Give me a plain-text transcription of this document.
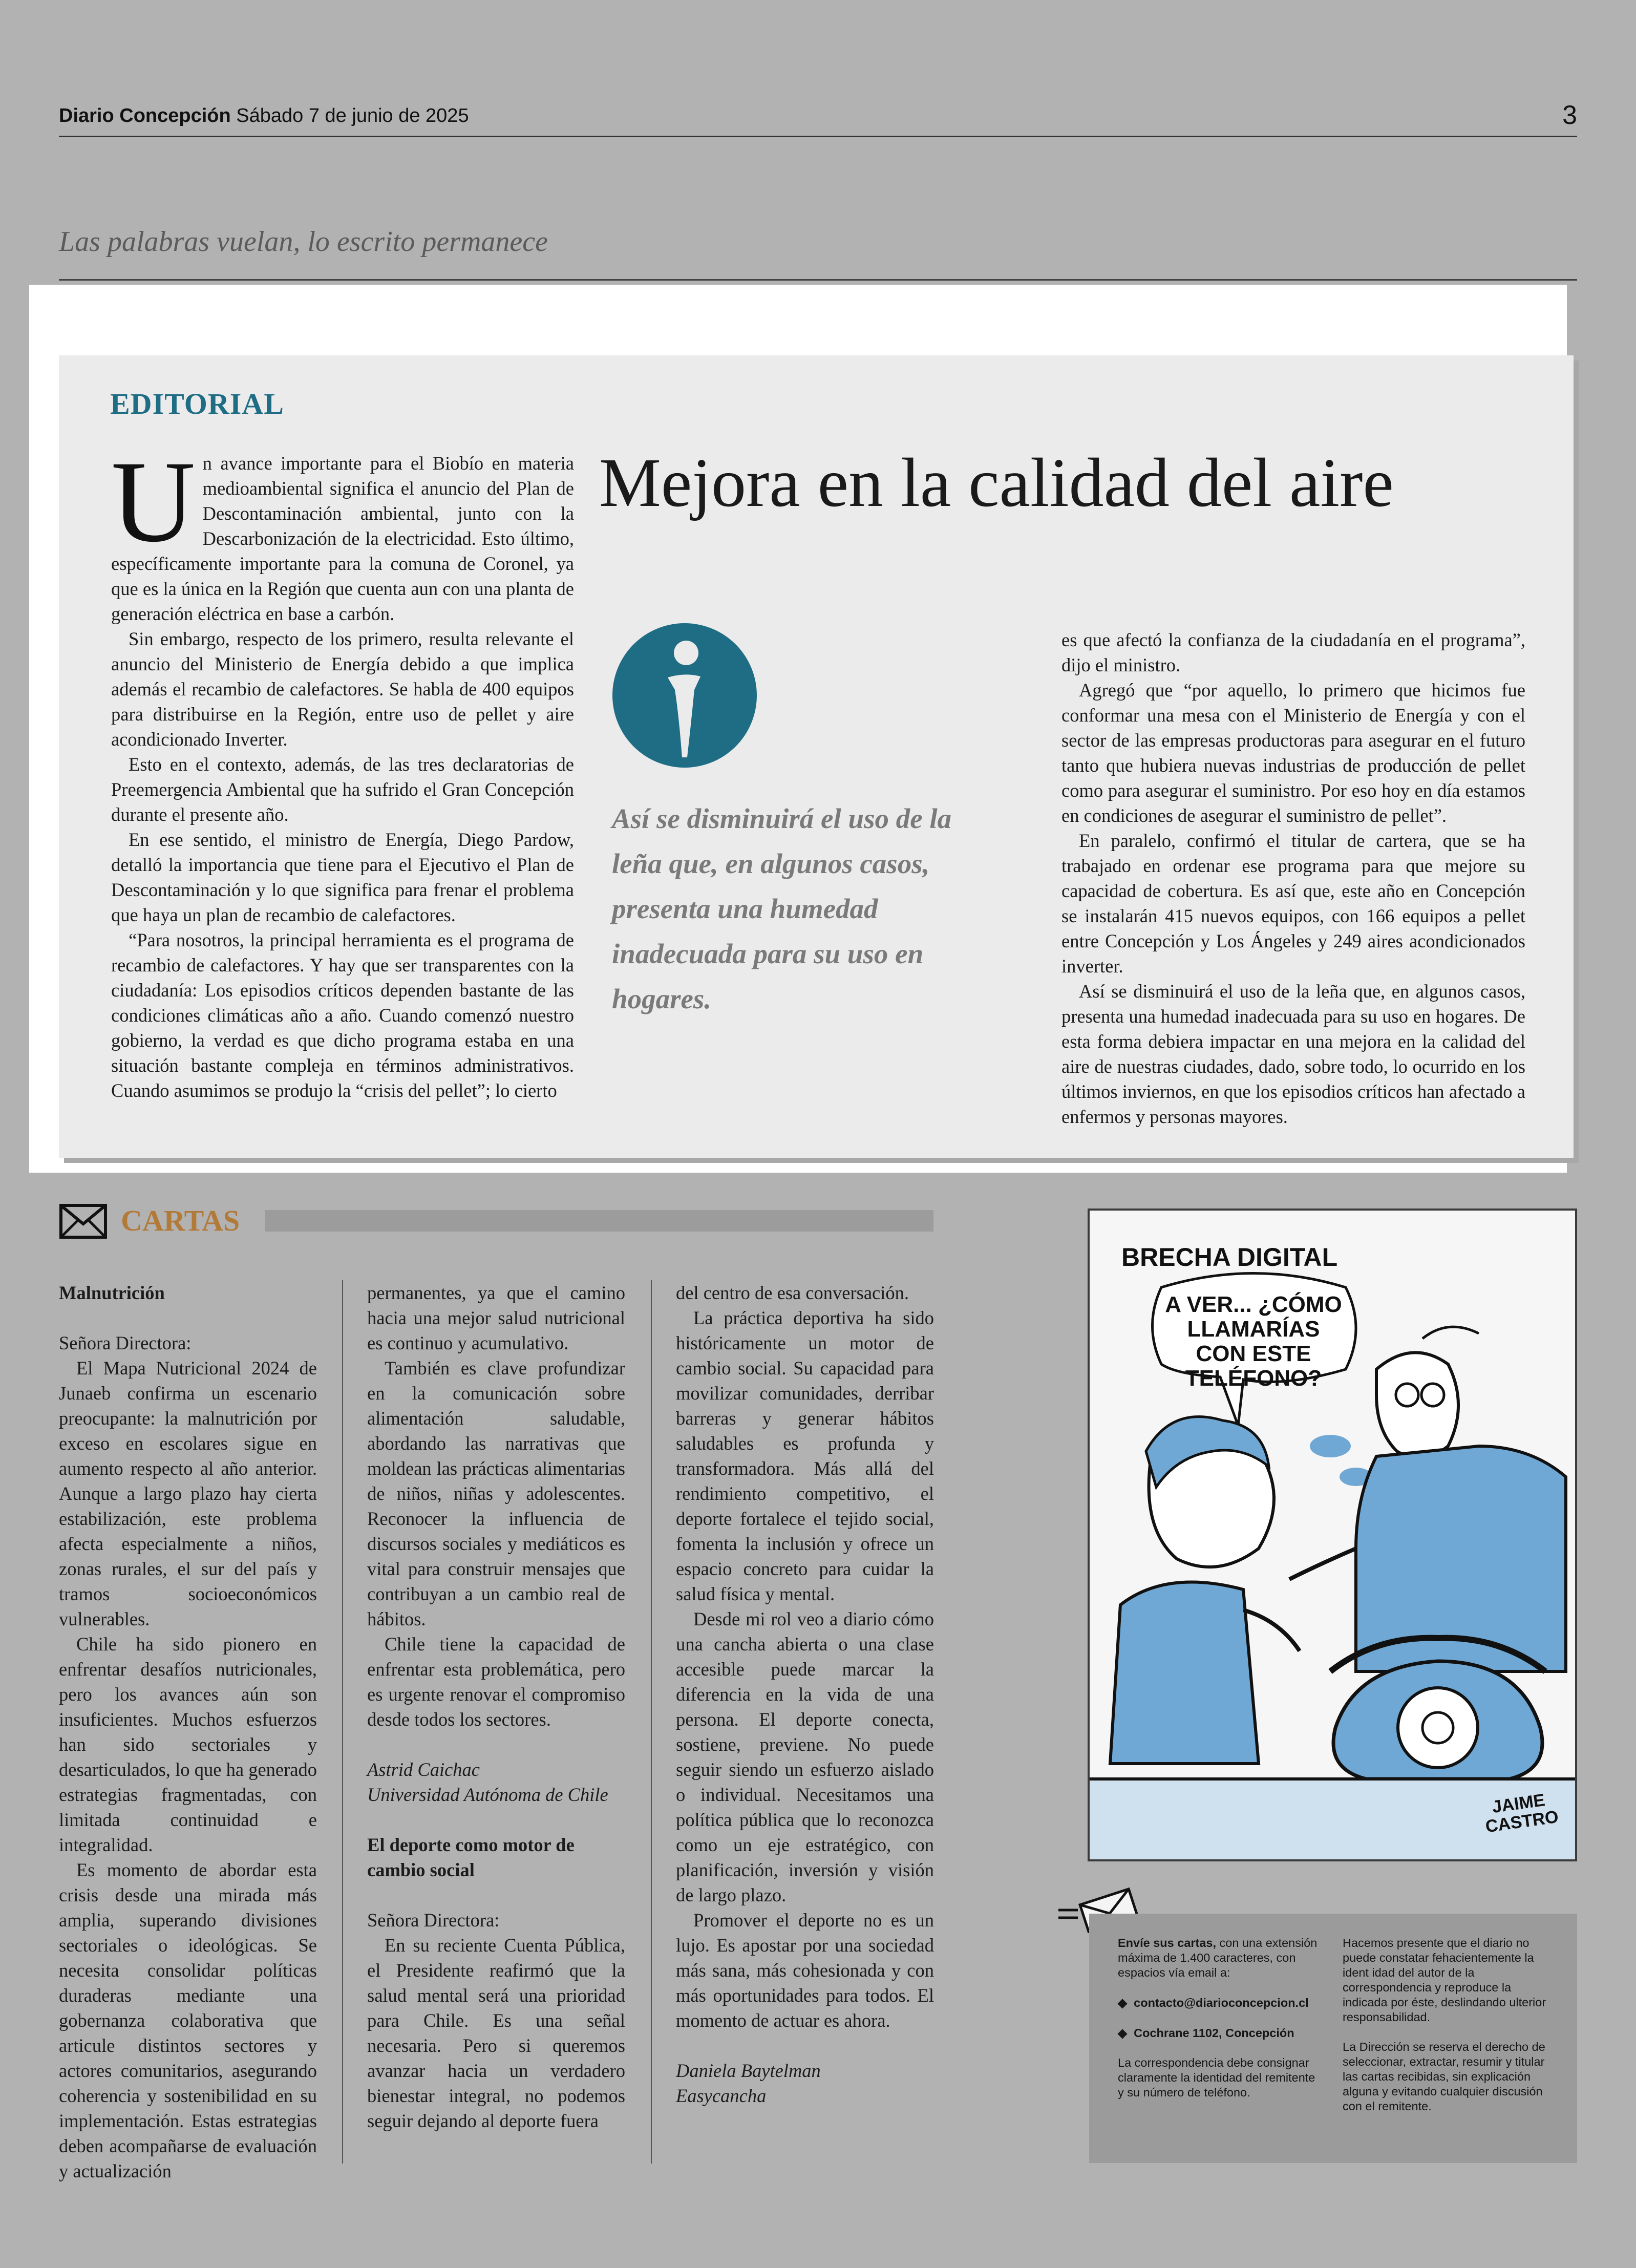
Diario Concepción Sábado 7 de junio de 2025	3
Las palabras vuelan, lo escrito permanece
EDITORIAL
Mejora en la calidad del aire

Un avance importante para el Biobío en materia medioambiental significa el anuncio del Plan de Descontaminación ambiental, junto con la Descarbonización de la electricidad. Esto último, específicamente importante para la comuna de Coronel, ya que es la única en la Región que cuenta aun con una planta de generación eléctrica en base a carbón.

Sin embargo, respecto de los primero, resulta relevante el anuncio del Ministerio de Energía debido a que implica además el recambio de calefactores. Se habla de 400 equipos para distribuirse en la Región, entre uso de pellet y aire acondicionado Inverter.

Esto en el contexto, además, de las tres declaratorias de Preemergencia Ambiental que ha sufrido el Gran Concepción durante el presente año.

En ese sentido, el ministro de Energía, Diego Pardow, detalló la importancia que tiene para el Ejecutivo el Plan de Descontaminación y lo que significa para frenar el problema que haya un plan de recambio de calefactores.

“Para nosotros, la principal herramienta es el programa de recambio de calefactores. Y hay que ser transparentes con la ciudadanía: Los episodios críticos dependen bastante de las condiciones climáticas año a año. Cuando comenzó nuestro gobierno, la verdad es que dicho programa estaba en una situación bastante compleja en términos administrativos. Cuando asumimos se produjo la “crisis del pellet”; lo cierto

Así se disminuirá el uso de la leña que, en algunos casos, presenta una humedad inadecuada para su uso en hogares.

es que afectó la confianza de la ciudadanía en el programa”, dijo el ministro.

Agregó que “por aquello, lo primero que hicimos fue conformar una mesa con el Ministerio de Energía y con el sector de las empresas productoras para asegurar en el futuro tanto que hubiera nuevas industrias de producción de pellet como para asegurar el suministro. Por eso hoy en día estamos en condiciones de asegurar el suministro de pellet”.

En paralelo, confirmó el titular de cartera, que se ha trabajado en ordenar ese programa para que mejore su capacidad de cobertura. Es así que, este año en Concepción se instalarán 415 nuevos equipos, con 166 equipos a pellet entre Concepción y Los Ángeles y 249 aires acondicionados inverter.

Así se disminuirá el uso de la leña que, en algunos casos, presenta una humedad inadecuada para su uso en hogares. De esta forma debiera impactar en una mejora en la calidad del aire de nuestras ciudades, dado, sobre todo, lo ocurrido en los últimos inviernos, en que los episodios críticos han afectado a enfermos y personas mayores.

CARTAS

Malnutrición

Señora Directora:

El Mapa Nutricional 2024 de Junaeb confirma un escenario preocupante: la malnutrición por exceso en escolares sigue en aumento respecto al año anterior. Aunque a largo plazo hay cierta estabilización, este problema afecta especialmente a niños, zonas rurales, el sur del país y tramos socioeconómicos vulnerables.

Chile ha sido pionero en enfrentar desafíos nutricionales, pero los avances aún son insuficientes. Muchos esfuerzos han sido sectoriales y desarticulados, lo que ha generado estrategias fragmentadas, con limitada continuidad e integralidad.

Es momento de abordar esta crisis desde una mirada más amplia, superando divisiones sectoriales o ideológicas. Se necesita consolidar políticas duraderas mediante una gobernanza colaborativa que articule distintos sectores y actores comunitarios, asegurando coherencia y sostenibilidad en su implementación. Estas estrategias deben acompañarse de evaluación y actualización

permanentes, ya que el camino hacia una mejor salud nutricional es continuo y acumulativo.

También es clave profundizar en la comunicación sobre alimentación saludable, abordando las narrativas que moldean las prácticas alimentarias de niños, niñas y adolescentes. Reconocer la influencia de discursos sociales y mediáticos es vital para construir mensajes que contribuyan a un cambio real de hábitos.

Chile tiene la capacidad de enfrentar esta problemática, pero es urgente renovar el compromiso desde todos los sectores.

Astrid Caichac

Universidad Autónoma de Chile

El deporte como motor de cambio social

Señora Directora:

En su reciente Cuenta Pública, el Presidente reafirmó que la salud mental será una prioridad para Chile. Es una señal necesaria. Pero si queremos avanzar hacia un verdadero bienestar integral, no podemos seguir dejando al deporte fuera

del centro de esa conversación.

La práctica deportiva ha sido históricamente un motor de cambio social. Su capacidad para movilizar comunidades, derribar barreras y generar hábitos saludables es profunda y transformadora. Más allá del rendimiento competitivo, el deporte fortalece el tejido social, fomenta la inclusión y ofrece un espacio concreto para cuidar la salud física y mental.

Desde mi rol veo a diario cómo una cancha abierta o una clase accesible puede marcar la diferencia en la vida de una persona. El deporte conecta, sostiene, previene. No puede seguir siendo un esfuerzo aislado o individual. Necesitamos una política pública que lo reconozca como un eje estratégico, con planificación, inversión y visión de largo plazo.

Promover el deporte no es un lujo. Es apostar por una sociedad más sana, más cohesionada y con más oportunidades para todos. El momento de actuar es ahora.

Daniela Baytelman

Easycancha

BRECHA DIGITAL
A VER... ¿CÓMO LLAMARÍAS CON ESTE TELÉFONO?
JAIME CASTRO

Envíe sus cartas, con una extensión máxima de 1.400 caracteres, con espacios vía email a:

◆  contacto@diarioconcepcion.cl

◆  Cochrane 1102, Concepción

La correspondencia debe consignar claramente la identidad del remitente y su número de teléfono.

Hacemos presente que el diario no puede constatar fehacientemente la ident idad del autor de la correspondencia y reproduce la indicada por éste, deslindando ulterior responsabilidad.

La Dirección se reserva el derecho de seleccionar, extractar, resumir y titular las cartas recibidas, sin explicación alguna y evitando cualquier discusión con el remitente.
